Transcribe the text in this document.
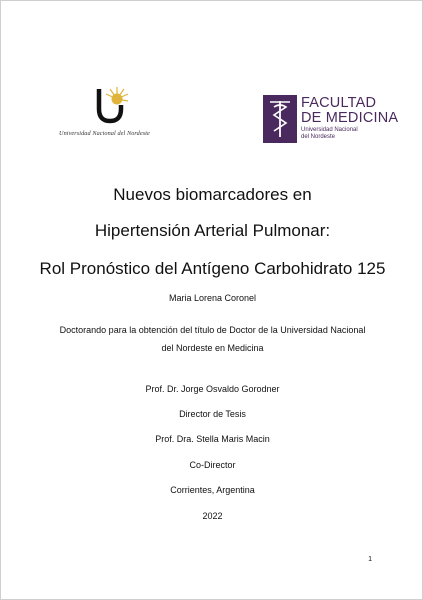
Universidad Nacional del Nordeste
FACULTAD
DE MEDICINA
Universidad Nacional
del Nordeste
Nuevos biomarcadores en
Hipertensión Arterial Pulmonar:
Rol Pronóstico del Antígeno Carbohidrato 125
Maria Lorena Coronel
Doctorando para la obtención del título de Doctor de la Universidad Nacional
del Nordeste en Medicina
Prof. Dr. Jorge Osvaldo Gorodner
Director de Tesis
Prof. Dra. Stella Maris Macin
Co-Director
Corrientes, Argentina
2022
1
